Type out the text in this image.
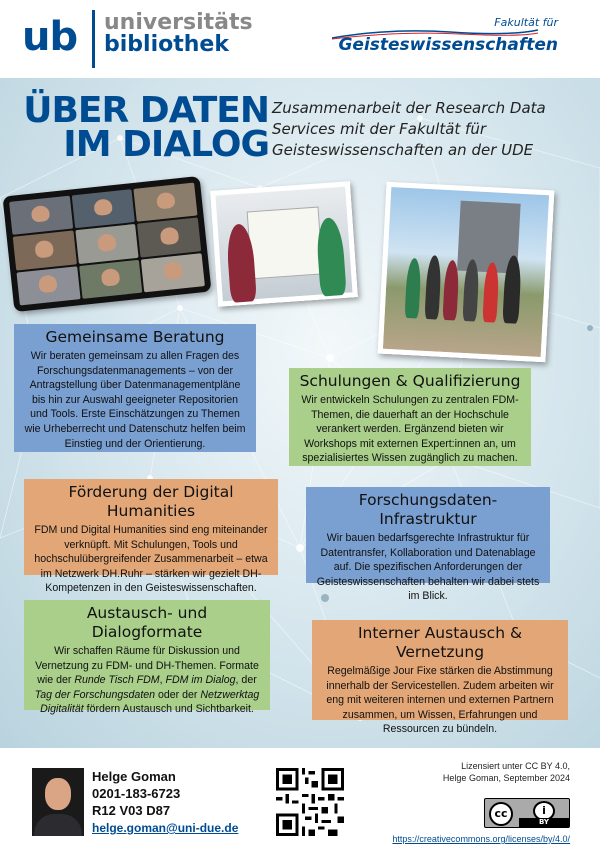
ub universitäts
bibliothek
Fakultät für
Geisteswissenschaften
ÜBER DATEN
IM DIALOG
Zusammenarbeit der Research Data Services mit der Fakultät für Geisteswissenschaften an der UDE
Gemeinsame Beratung

Wir beraten gemeinsam zu allen Fragen des Forschungsdatenmanagements – von der Antragstellung über Datenmanagementpläne bis hin zur Auswahl geeigneter Repositorien und Tools. Erste Einschätzungen zu Themen wie Urheberrecht und Datenschutz helfen beim Einstieg und der Orientierung.

Schulungen & Qualifizierung

Wir entwickeln Schulungen zu zentralen FDM-Themen, die dauerhaft an der Hochschule verankert werden. Ergänzend bieten wir Workshops mit externen Expert:innen an, um spezialisiertes Wissen zugänglich zu machen.

Förderung der Digital Humanities

FDM und Digital Humanities sind eng miteinander verknüpft. Mit Schulungen, Tools und hochschulübergreifender Zusammenarbeit – etwa im Netzwerk DH.Ruhr – stärken wir gezielt DH-Kompetenzen in den Geisteswissenschaften.

Forschungsdaten-Infrastruktur

Wir bauen bedarfsgerechte Infrastruktur für Datentransfer, Kollaboration und Datenablage auf. Die spezifischen Anforderungen der Geisteswissenschaften behalten wir dabei stets im Blick.

Austausch- und Dialogformate

Wir schaffen Räume für Diskussion und Vernetzung zu FDM- und DH-Themen. Formate wie der Runde Tisch FDM, FDM im Dialog, der Tag der Forschungsdaten oder der Netzwerktag Digitalität fördern Austausch und Sichtbarkeit.

Interner Austausch & Vernetzung

Regelmäßige Jour Fixe stärken die Abstimmung innerhalb der Servicestellen. Zudem arbeiten wir eng mit weiteren internen und externen Partnern zusammen, um Wissen, Erfahrungen und Ressourcen zu bündeln.

Helge Goman
0201-183-6723
R12 V03 D87
helge.goman@uni-due.de
Lizensiert unter CC BY 4.0,
Helge Goman, September 2024
cc	i
BY
https://creativecommons.org/licenses/by/4.0/
